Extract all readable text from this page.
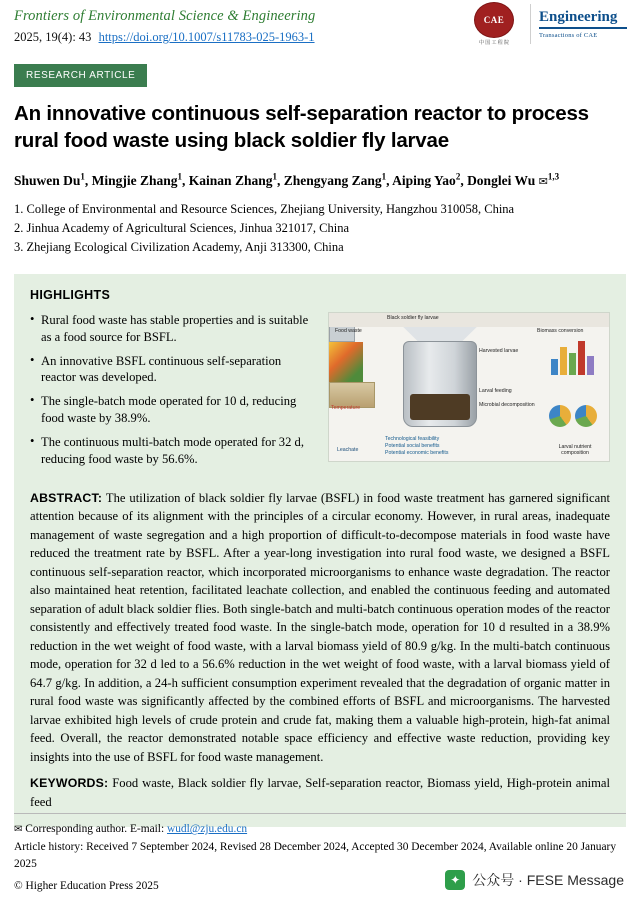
Frontiers of Environmental Science & Engineering
2025, 19(4): 43 https://doi.org/10.1007/s11783-025-1963-1
CAE
中 国 工 程 院
Engineering
Transactions of CAE
RESEARCH ARTICLE
An innovative continuous self-separation reactor to process rural food waste using black soldier fly larvae
Shuwen Du$^1$, Mingjie Zhang$^1$, Kainan Zhang$^1$, Zhengyang Zang$^1$, Aiping Yao$^2$, Donglei Wu ✉$^{1,3}$
1. College of Environmental and Resource Sciences, Zhejiang University, Hangzhou 310058, China
2. Jinhua Academy of Agricultural Sciences, Jinhua 321017, China
3. Zhejiang Ecological Civilization Academy, Anji 313300, China
HIGHLIGHTS
• Rural food waste has stable properties and is suitable as a food source for BSFL.
• An innovative BSFL continuous self-separation reactor was developed.
• The single-batch mode operated for 10 d, reducing food waste by 38.9%.
• The continuous multi-batch mode operated for 32 d, reducing food waste by 56.6%.
Black soldier fly larvae
Food waste
Harvested larvae
Larval feeding
Microbial decomposition
Biomass conversion

Larval nutrient composition
Temperature
Leachate
Technological feasibility
Potential social benefits
Potential economic benefits
ABSTRACT: The utilization of black soldier fly larvae (BSFL) in food waste treatment has garnered significant attention because of its alignment with the principles of a circular economy. However, in rural areas, inadequate management of waste segregation and a high proportion of difficult-to-decompose materials in food waste have reduced the treatment rate by BSFL. After a year-long investigation into rural food waste, we designed a BSFL continuous self-separation reactor, which incorporated microorganisms to enhance waste degradation. The reactor also maintained heat retention, facilitated leachate collection, and enabled the continuous feeding and automated separation of adult black soldier flies. Both single-batch and multi-batch continuous operation modes of the reactor consistently and effectively treated food waste. In the single-batch mode, operation for 10 d resulted in a 38.9% reduction in the wet weight of food waste, with a larval biomass yield of 80.9 g/kg. In the multi-batch continuous mode, operation for 32 d led to a 56.6% reduction in the wet weight of food waste, with a larval biomass yield of 64.7 g/kg. In addition, a 24-h sufficient consumption experiment revealed that the degradation of organic matter in rural food waste was significantly affected by the combined efforts of BSFL and microorganisms. The harvested larvae exhibited high levels of crude protein and crude fat, making them a valuable high-protein, high-fat animal feed. Overall, the reactor demonstrated notable space efficiency and effective waste reduction, providing key insights into the use of BSFL for food waste management.
KEYWORDS: Food waste, Black soldier fly larvae, Self-separation reactor, Biomass yield, High-protein animal feed
✉ Corresponding author. E-mail: wudl@zju.edu.cn
Article history: Received 7 September 2024, Revised 28 December 2024, Accepted 30 December 2024, Available online 20 January 2025
© Higher Education Press 2025	✦ 公众号 · FESE Message
